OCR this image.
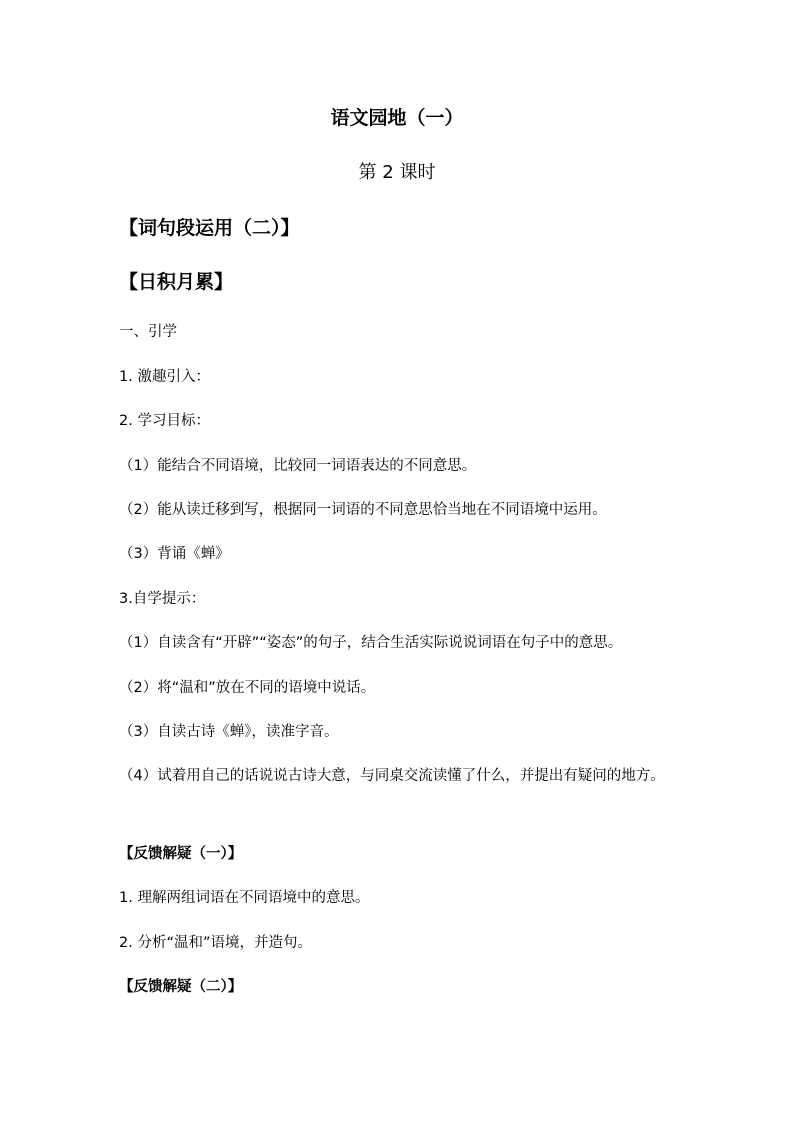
语文园地（一）
第 2 课时
【词句段运用（二）】
【日积月累】
一、引学
1. 激趣引入：
2. 学习目标：
（1）能结合不同语境，比较同一词语表达的不同意思。
（2）能从读迁移到写，根据同一词语的不同意思恰当地在不同语境中运用。
（3）背诵《蝉》
3.自学提示：
（1）自读含有“开辟”“姿态”的句子，结合生活实际说说词语在句子中的意思。
（2）将“温和”放在不同的语境中说话。
（3）自读古诗《蝉》，读准字音。
（4）试着用自己的话说说古诗大意，与同桌交流读懂了什么，并提出有疑问的地方。
【反馈解疑（一）】
1. 理解两组词语在不同语境中的意思。
2. 分析“温和”语境，并造句。
【反馈解疑（二）】
